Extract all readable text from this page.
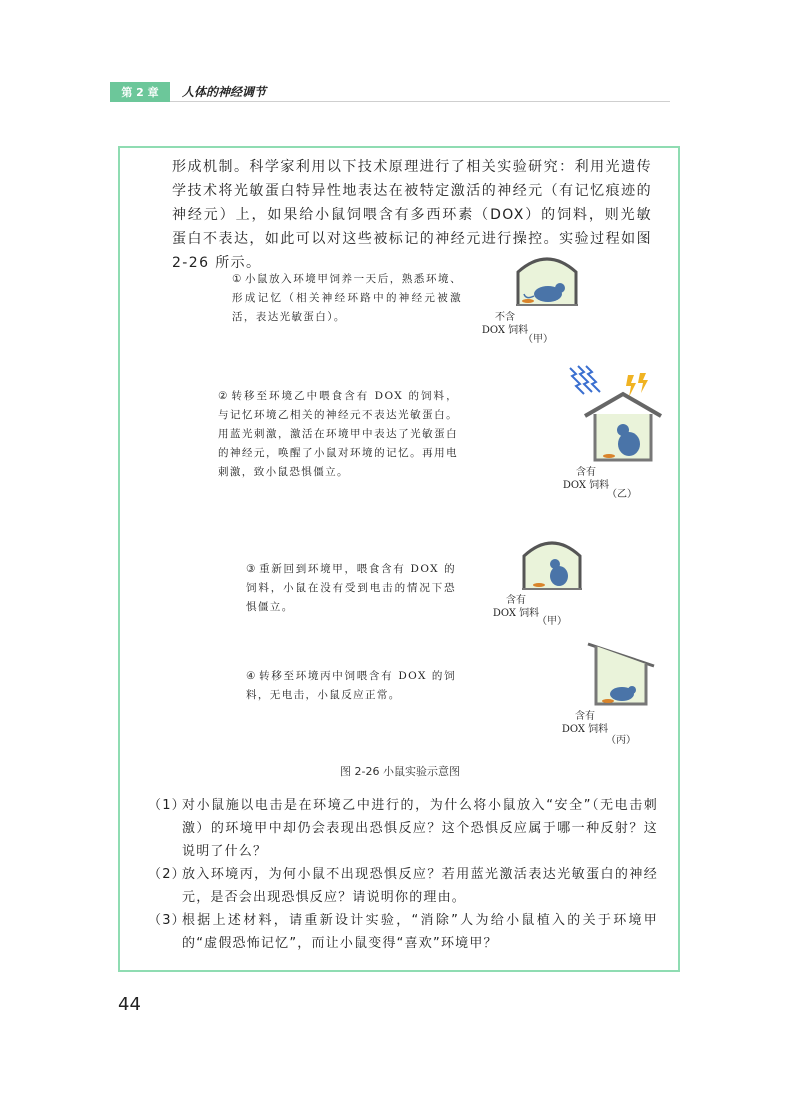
第 2 章	人体的神经调节
形成机制。科学家利用以下技术原理进行了相关实验研究：利用光遗传学技术将光敏蛋白特异性地表达在被特定激活的神经元（有记忆痕迹的神经元）上，如果给小鼠饲喂含有多西环素（DOX）的饲料，则光敏蛋白不表达，如此可以对这些被标记的神经元进行操控。实验过程如图 2-26 所示。
① 小鼠放入环境甲饲养一天后，熟悉环境、形成记忆（相关神经环路中的神经元被激活，表达光敏蛋白）。	不含
DOX 饲料
（甲）
② 转移至环境乙中喂食含有 DOX 的饲料，与记忆环境乙相关的神经元不表达光敏蛋白。用蓝光刺激，激活在环境甲中表达了光敏蛋白的神经元，唤醒了小鼠对环境的记忆。再用电刺激，致小鼠恐惧僵立。	含有
DOX 饲料
（乙）
③ 重新回到环境甲，喂食含有 DOX 的饲料，小鼠在没有受到电击的情况下恐惧僵立。
含有
DOX 饲料
（甲）
④ 转移至环境丙中饲喂含有 DOX 的饲料，无电击，小鼠反应正常。
含有
DOX 饲料
（丙）
图 2-26 小鼠实验示意图
（1）
对小鼠施以电击是在环境乙中进行的，为什么将小鼠放入“安全”（无电击刺激）的环境甲中却仍会表现出恐惧反应？这个恐惧反应属于哪一种反射？这说明了什么？
（2）
放入环境丙，为何小鼠不出现恐惧反应？若用蓝光激活表达光敏蛋白的神经元，是否会出现恐惧反应？请说明你的理由。
（3）
根据上述材料，请重新设计实验，“消除”人为给小鼠植入的关于环境甲的“虚假恐怖记忆”，而让小鼠变得“喜欢”环境甲？
44
